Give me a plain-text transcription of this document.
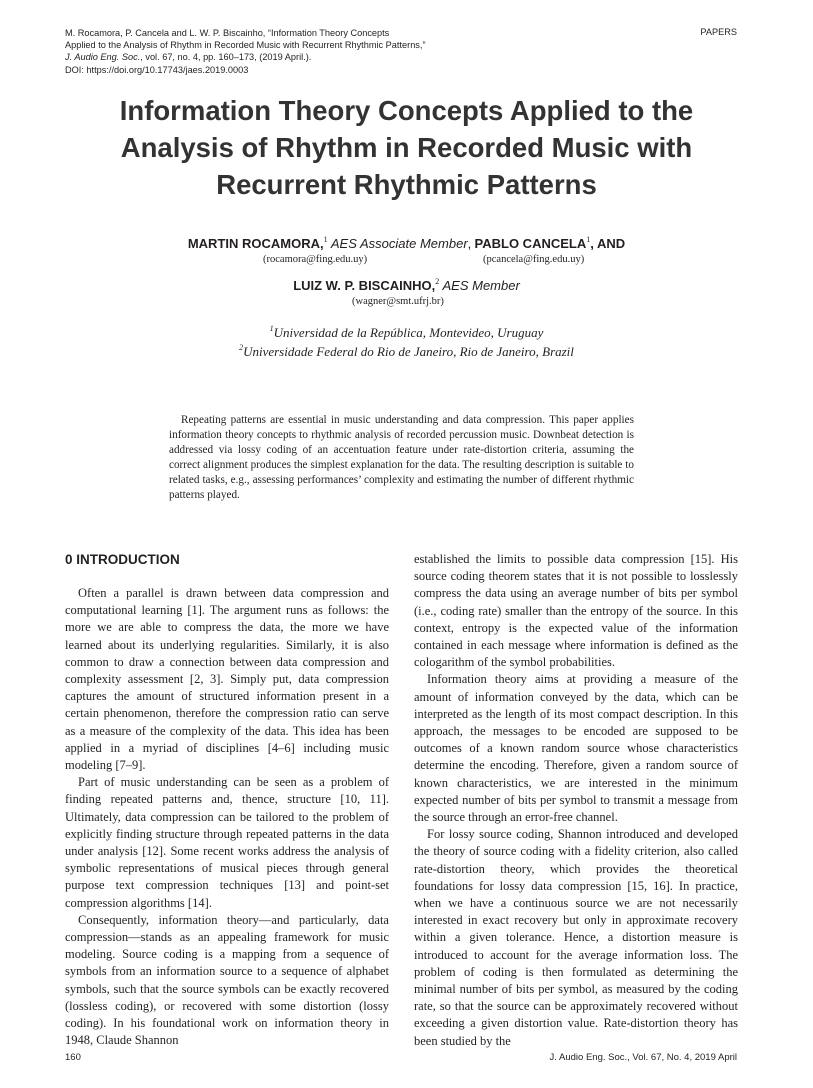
M. Rocamora, P. Cancela and L. W. P. Biscainho, “Information Theory Concepts
Applied to the Analysis of Rhythm in Recorded Music with Recurrent Rhythmic Patterns,”
J. Audio Eng. Soc., vol. 67, no. 4, pp. 160–173, (2019 April.).
DOI: https://doi.org/10.17743/jaes.2019.0003
PAPERS
Information Theory Concepts Applied to the Analysis of Rhythm in Recorded Music with Recurrent Rhythmic Patterns
MARTIN ROCAMORA,$^1$ AES Associate Member, PABLO CANCELA$^1$, AND
(rocamora@fing.edu.uy)	(pcancela@fing.edu.uy)
LUIZ W. P. BISCAINHO,$^2$ AES Member
(wagner@smt.ufrj.br)
$^1$Universidad de la República, Montevideo, Uruguay
$^2$Universidade Federal do Rio de Janeiro, Rio de Janeiro, Brazil

Repeating patterns are essential in music understanding and data compression. This paper applies information theory concepts to rhythmic analysis of recorded percussion music. Downbeat detection is addressed via lossy coding of an accentuation feature under rate-distortion criteria, assuming the correct alignment produces the simplest explanation for the data. The resulting description is suitable to related tasks, e.g., assessing performances’ complexity and estimating the number of different rhythmic patterns played.

0 INTRODUCTION

Often a parallel is drawn between data compression and computational learning [1]. The argument runs as follows: the more we are able to compress the data, the more we have learned about its underlying regularities. Similarly, it is also common to draw a connection between data compression and complexity assessment [2, 3]. Simply put, data compression captures the amount of structured information present in a certain phenomenon, therefore the compression ratio can serve as a measure of the complexity of the data. This idea has been applied in a myriad of disciplines [4–6] including music modeling [7–9].

Part of music understanding can be seen as a problem of finding repeated patterns and, thence, structure [10, 11]. Ultimately, data compression can be tailored to the problem of explicitly finding structure through repeated patterns in the data under analysis [12]. Some recent works address the analysis of symbolic representations of musical pieces through general purpose text compression techniques [13] and point-set compression algorithms [14].

Consequently, information theory—and particularly, data compression—stands as an appealing framework for music modeling. Source coding is a mapping from a sequence of symbols from an information source to a sequence of alphabet symbols, such that the source symbols can be exactly recovered (lossless coding), or recovered with some distortion (lossy coding). In his foundational work on information theory in 1948, Claude Shannon

established the limits to possible data compression [15]. His source coding theorem states that it is not possible to losslessly compress the data using an average number of bits per symbol (i.e., coding rate) smaller than the entropy of the source. In this context, entropy is the expected value of the information contained in each message where information is defined as the cologarithm of the symbol probabilities.

Information theory aims at providing a measure of the amount of information conveyed by the data, which can be interpreted as the length of its most compact description. In this approach, the messages to be encoded are supposed to be outcomes of a known random source whose characteristics determine the encoding. Therefore, given a random source of known characteristics, we are interested in the minimum expected number of bits per symbol to transmit a message from the source through an error-free channel.

For lossy source coding, Shannon introduced and developed the theory of source coding with a fidelity criterion, also called rate-distortion theory, which provides the theoretical foundations for lossy data compression [15, 16]. In practice, when we have a continuous source we are not necessarily interested in exact recovery but only in approximate recovery within a given tolerance. Hence, a distortion measure is introduced to account for the average information loss. The problem of coding is then formulated as determining the minimal number of bits per symbol, as measured by the coding rate, so that the source can be approximately recovered without exceeding a given distortion value. Rate-distortion theory has been studied by the

160	J. Audio Eng. Soc., Vol. 67, No. 4, 2019 April
